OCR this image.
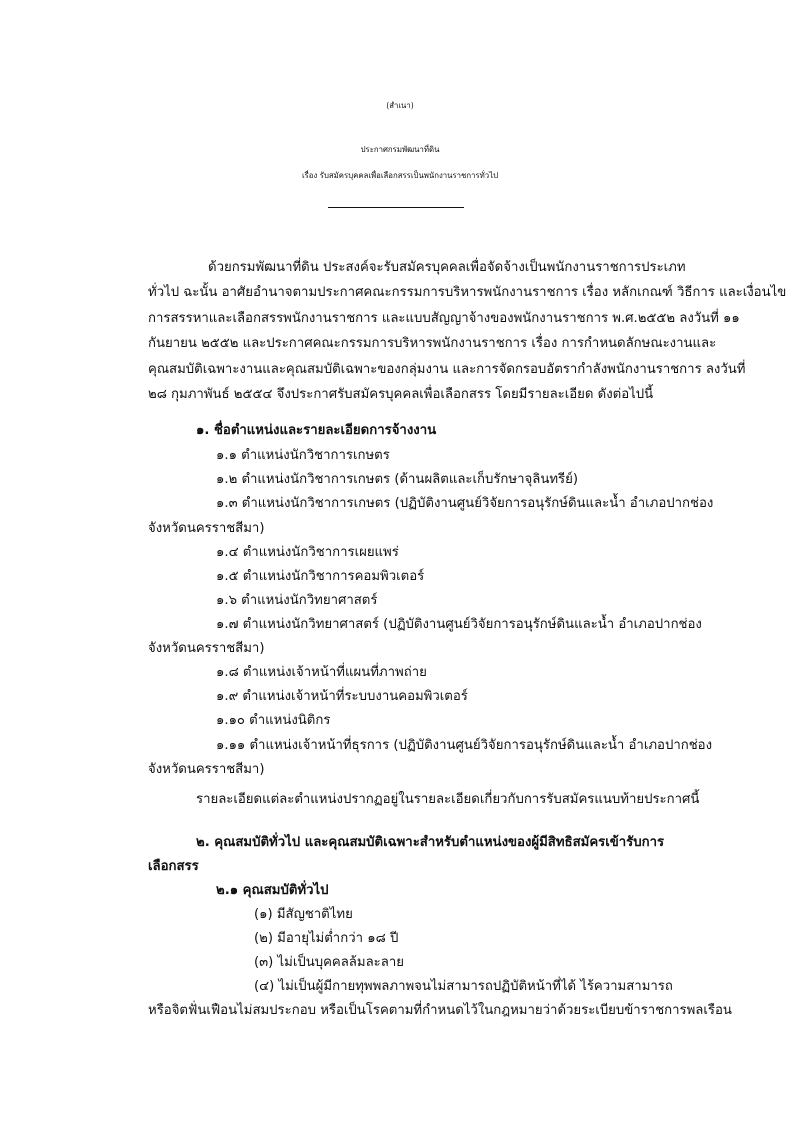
(สำเนา)
ประกาศกรมพัฒนาที่ดิน
เรื่อง รับสมัครบุคคลเพื่อเลือกสรรเป็นพนักงานราชการทั่วไป
ด้วยกรมพัฒนาที่ดิน ประสงค์จะรับสมัครบุคคลเพื่อจัดจ้างเป็นพนักงานราชการประเภท
ทั่วไป ฉะนั้น อาศัยอำนาจตามประกาศคณะกรรมการบริหารพนักงานราชการ เรื่อง หลักเกณฑ์ วิธีการ และเงื่อนไข
การสรรหาและเลือกสรรพนักงานราชการ และแบบสัญญาจ้างของพนักงานราชการ พ.ศ.๒๕๕๒ ลงวันที่ ๑๑
กันยายน ๒๕๕๒ และประกาศคณะกรรมการบริหารพนักงานราชการ เรื่อง การกำหนดลักษณะงานและ
คุณสมบัติเฉพาะงานและคุณสมบัติเฉพาะของกลุ่มงาน และการจัดกรอบอัตรากำลังพนักงานราชการ ลงวันที่
๒๘ กุมภาพันธ์ ๒๕๕๔ จึงประกาศรับสมัครบุคคลเพื่อเลือกสรร โดยมีรายละเอียด ดังต่อไปนี้
๑. ชื่อตำแหน่งและรายละเอียดการจ้างงาน
๑.๑ ตำแหน่งนักวิชาการเกษตร
๑.๒ ตำแหน่งนักวิชาการเกษตร (ด้านผลิตและเก็บรักษาจุลินทรีย์)
๑.๓ ตำแหน่งนักวิชาการเกษตร (ปฏิบัติงานศูนย์วิจัยการอนุรักษ์ดินและน้ำ อำเภอปากช่อง
จังหวัดนครราชสีมา)
๑.๔ ตำแหน่งนักวิชาการเผยแพร่
๑.๕ ตำแหน่งนักวิชาการคอมพิวเตอร์
๑.๖ ตำแหน่งนักวิทยาศาสตร์
๑.๗ ตำแหน่งนักวิทยาศาสตร์ (ปฏิบัติงานศูนย์วิจัยการอนุรักษ์ดินและน้ำ อำเภอปากช่อง
จังหวัดนครราชสีมา)
๑.๘ ตำแหน่งเจ้าหน้าที่แผนที่ภาพถ่าย
๑.๙ ตำแหน่งเจ้าหน้าที่ระบบงานคอมพิวเตอร์
๑.๑๐ ตำแหน่งนิติกร
๑.๑๑ ตำแหน่งเจ้าหน้าที่ธุรการ (ปฏิบัติงานศูนย์วิจัยการอนุรักษ์ดินและน้ำ อำเภอปากช่อง
จังหวัดนครราชสีมา)
รายละเอียดแต่ละตำแหน่งปรากฏอยู่ในรายละเอียดเกี่ยวกับการรับสมัครแนบท้ายประกาศนี้
๒. คุณสมบัติทั่วไป และคุณสมบัติเฉพาะสำหรับตำแหน่งของผู้มีสิทธิสมัครเข้ารับการ
เลือกสรร
๒.๑ คุณสมบัติทั่วไป
(๑) มีสัญชาติไทย
(๒) มีอายุไม่ต่ำกว่า ๑๘ ปี
(๓) ไม่เป็นบุคคลล้มละลาย
(๔) ไม่เป็นผู้มีกายทุพพลภาพจนไม่สามารถปฏิบัติหน้าที่ได้ ไร้ความสามารถ
หรือจิตฟั่นเฟือนไม่สมประกอบ หรือเป็นโรคตามที่กำหนดไว้ในกฎหมายว่าด้วยระเบียบข้าราชการพลเรือน
